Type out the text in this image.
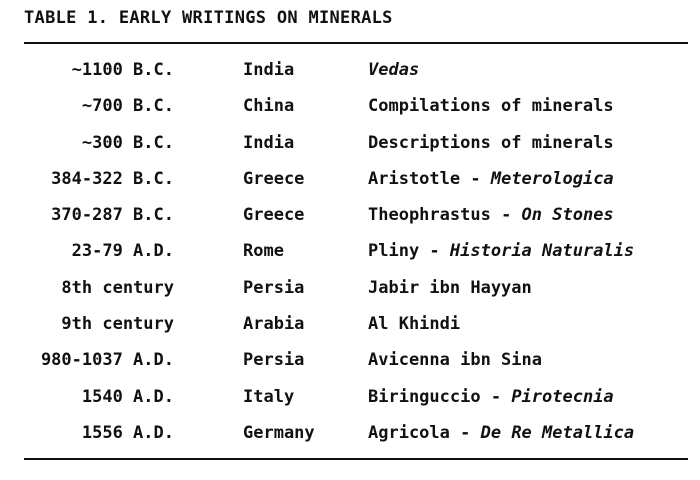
TABLE 1. EARLY WRITINGS ON MINERALS
~1100 B.C.	India	Vedas
~700 B.C.	China	Compilations of minerals
~300 B.C.	India	Descriptions of minerals
384-322 B.C.	Greece	Aristotle - Meterologica
370-287 B.C.	Greece	Theophrastus - On Stones
23-79 A.D.	Rome	Pliny - Historia Naturalis
8th century	Persia	Jabir ibn Hayyan
9th century	Arabia	Al Khindi
980-1037 A.D.	Persia	Avicenna ibn Sina
1540 A.D.	Italy	Biringuccio - Pirotecnia
1556 A.D.	Germany	Agricola - De Re Metallica
